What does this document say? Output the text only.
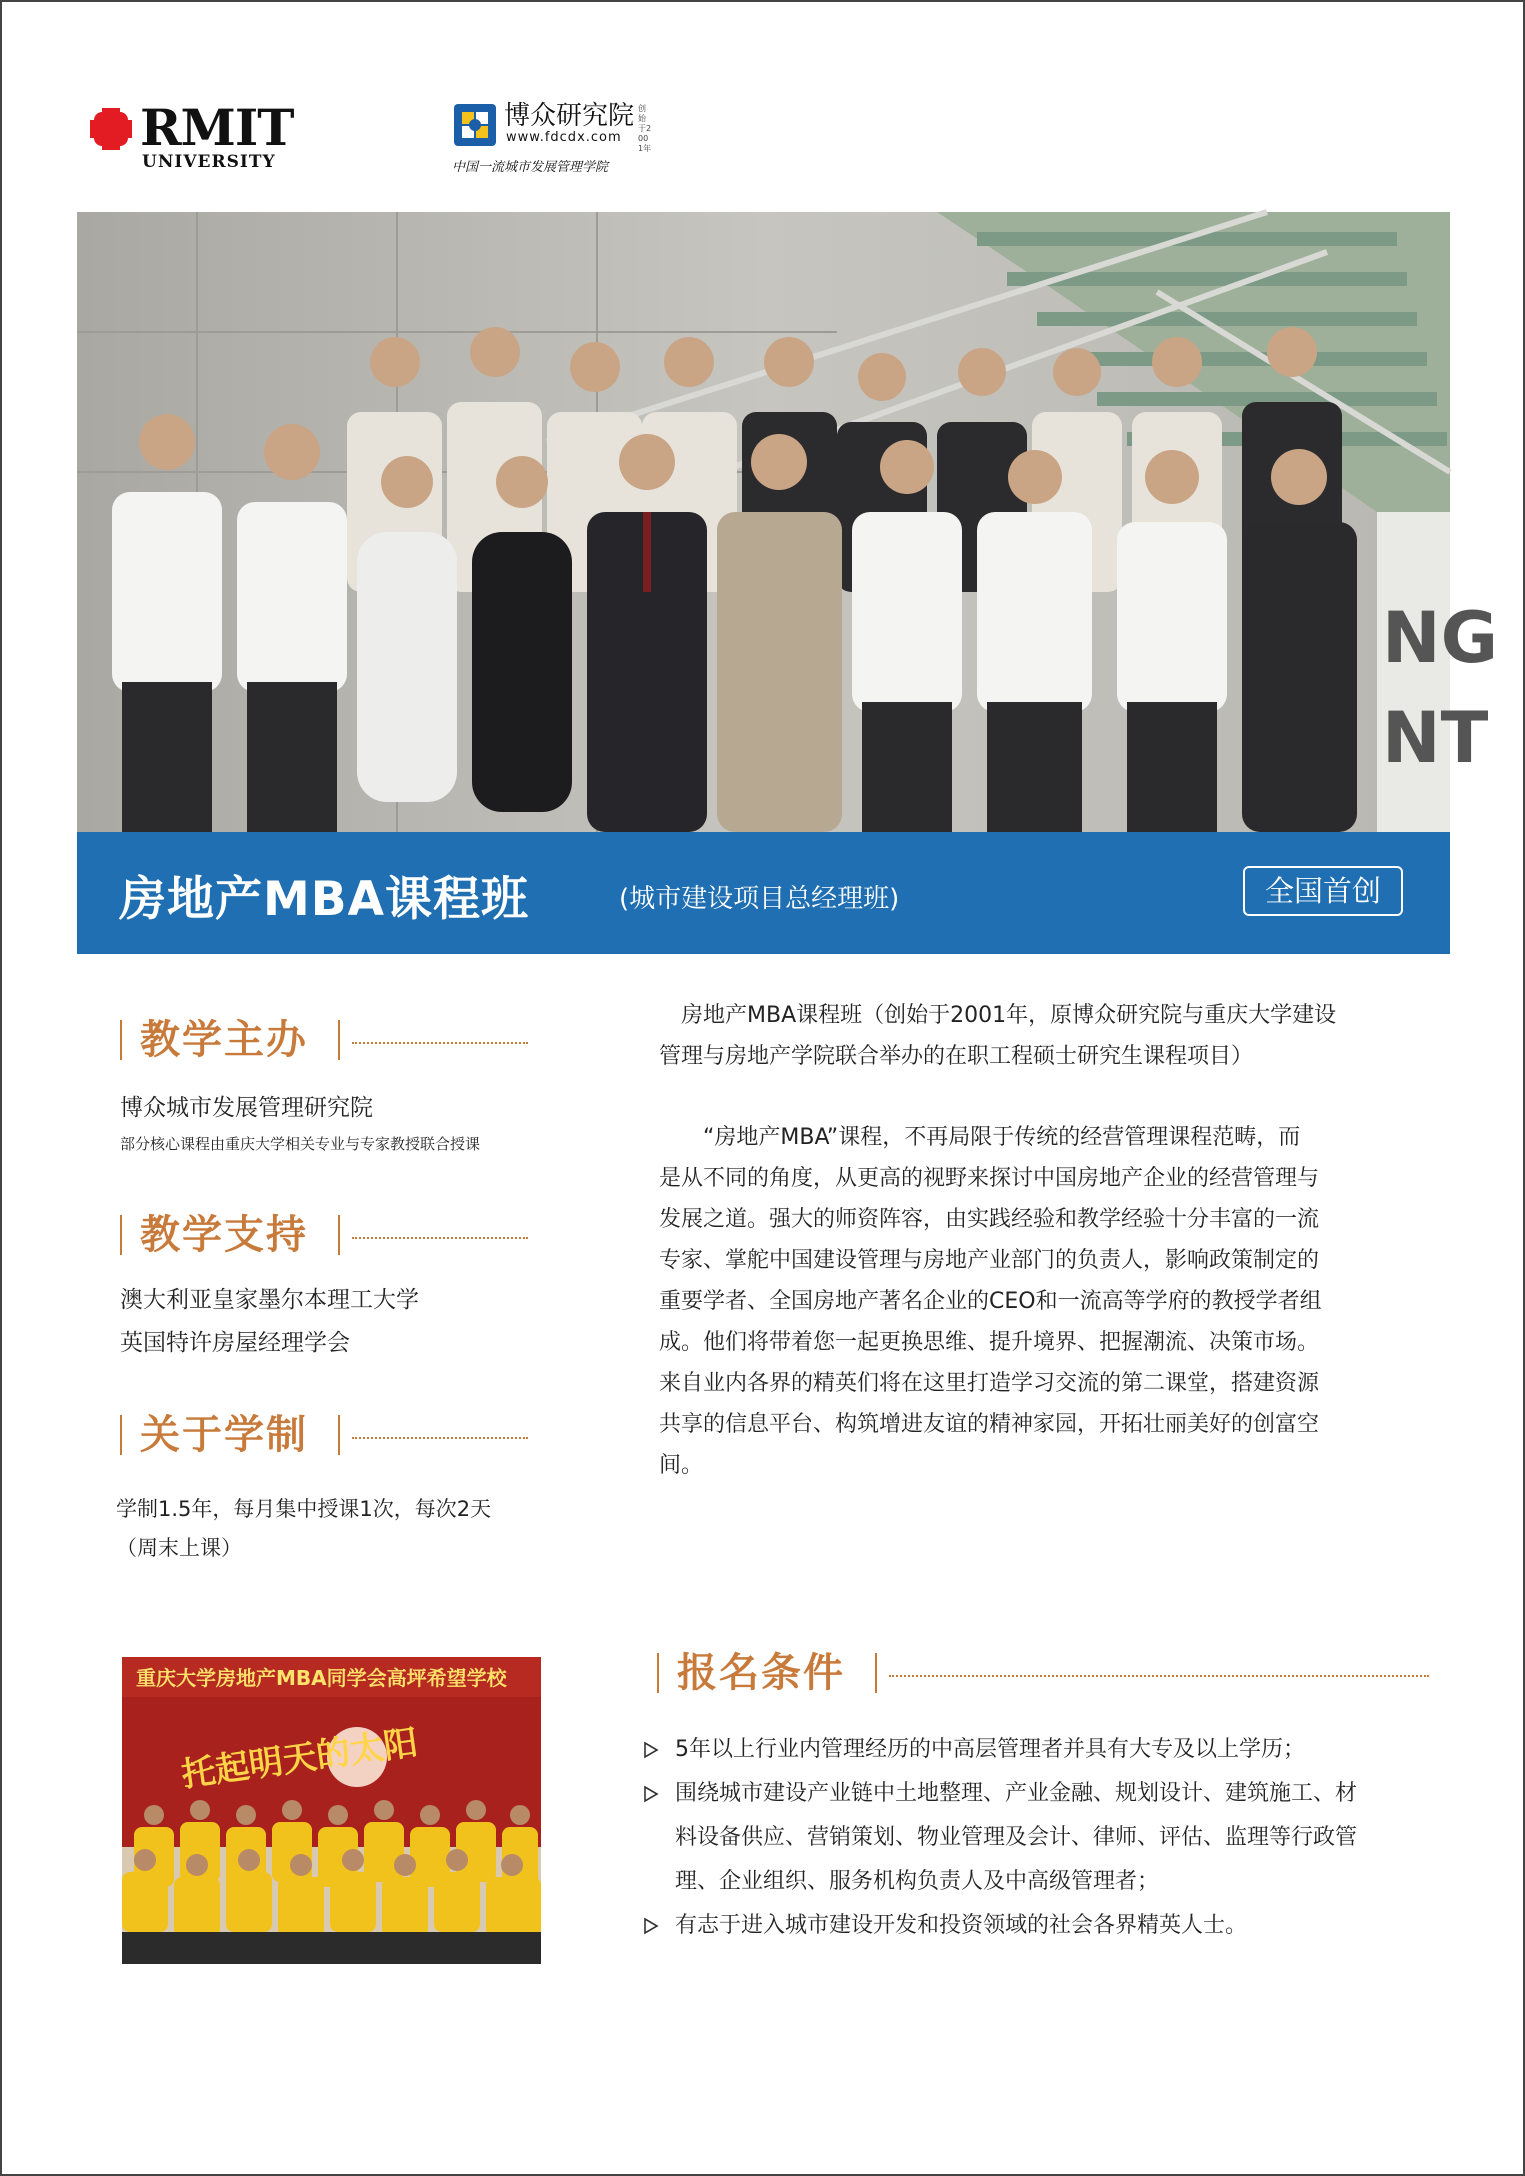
RMIT
UNIVERSITY
博众研究院
www.fdcdx.com
创始于2001年
中国一流城市发展管理学院
NG
NT
房地产MBA课程班	(城市建设项目总经理班)	全国首创
教学主办
博众城市发展管理研究院
部分核心课程由重庆大学相关专业与专家教授联合授课
教学支持
澳大利亚皇家墨尔本理工大学
英国特许房屋经理学会
关于学制
学制1.5年，每月集中授课1次，每次2天
（周末上课）
　房地产MBA课程班（创始于2001年，原博众研究院与重庆大学建设
管理与房地产学院联合举办的在职工程硕士研究生课程项目）
　　“房地产MBA”课程，不再局限于传统的经营管理课程范畴，而
是从不同的角度，从更高的视野来探讨中国房地产企业的经营管理与
发展之道。强大的师资阵容，由实践经验和教学经验十分丰富的一流
专家、掌舵中国建设管理与房地产业部门的负责人，影响政策制定的
重要学者、全国房地产著名企业的CEO和一流高等学府的教授学者组
成。他们将带着您一起更换思维、提升境界、把握潮流、决策市场。
来自业内各界的精英们将在这里打造学习交流的第二课堂，搭建资源
共享的信息平台、构筑增进友谊的精神家园，开拓壮丽美好的创富空
间。
重庆大学房地产MBA同学会高坪希望学校
托起明天的太阳
报名条件
5年以上行业内管理经历的中高层管理者并具有大专及以上学历；
围绕城市建设产业链中土地整理、产业金融、规划设计、建筑施工、材
料设备供应、营销策划、物业管理及会计、律师、评估、监理等行政管
理、企业组织、服务机构负责人及中高级管理者；
有志于进入城市建设开发和投资领域的社会各界精英人士。
